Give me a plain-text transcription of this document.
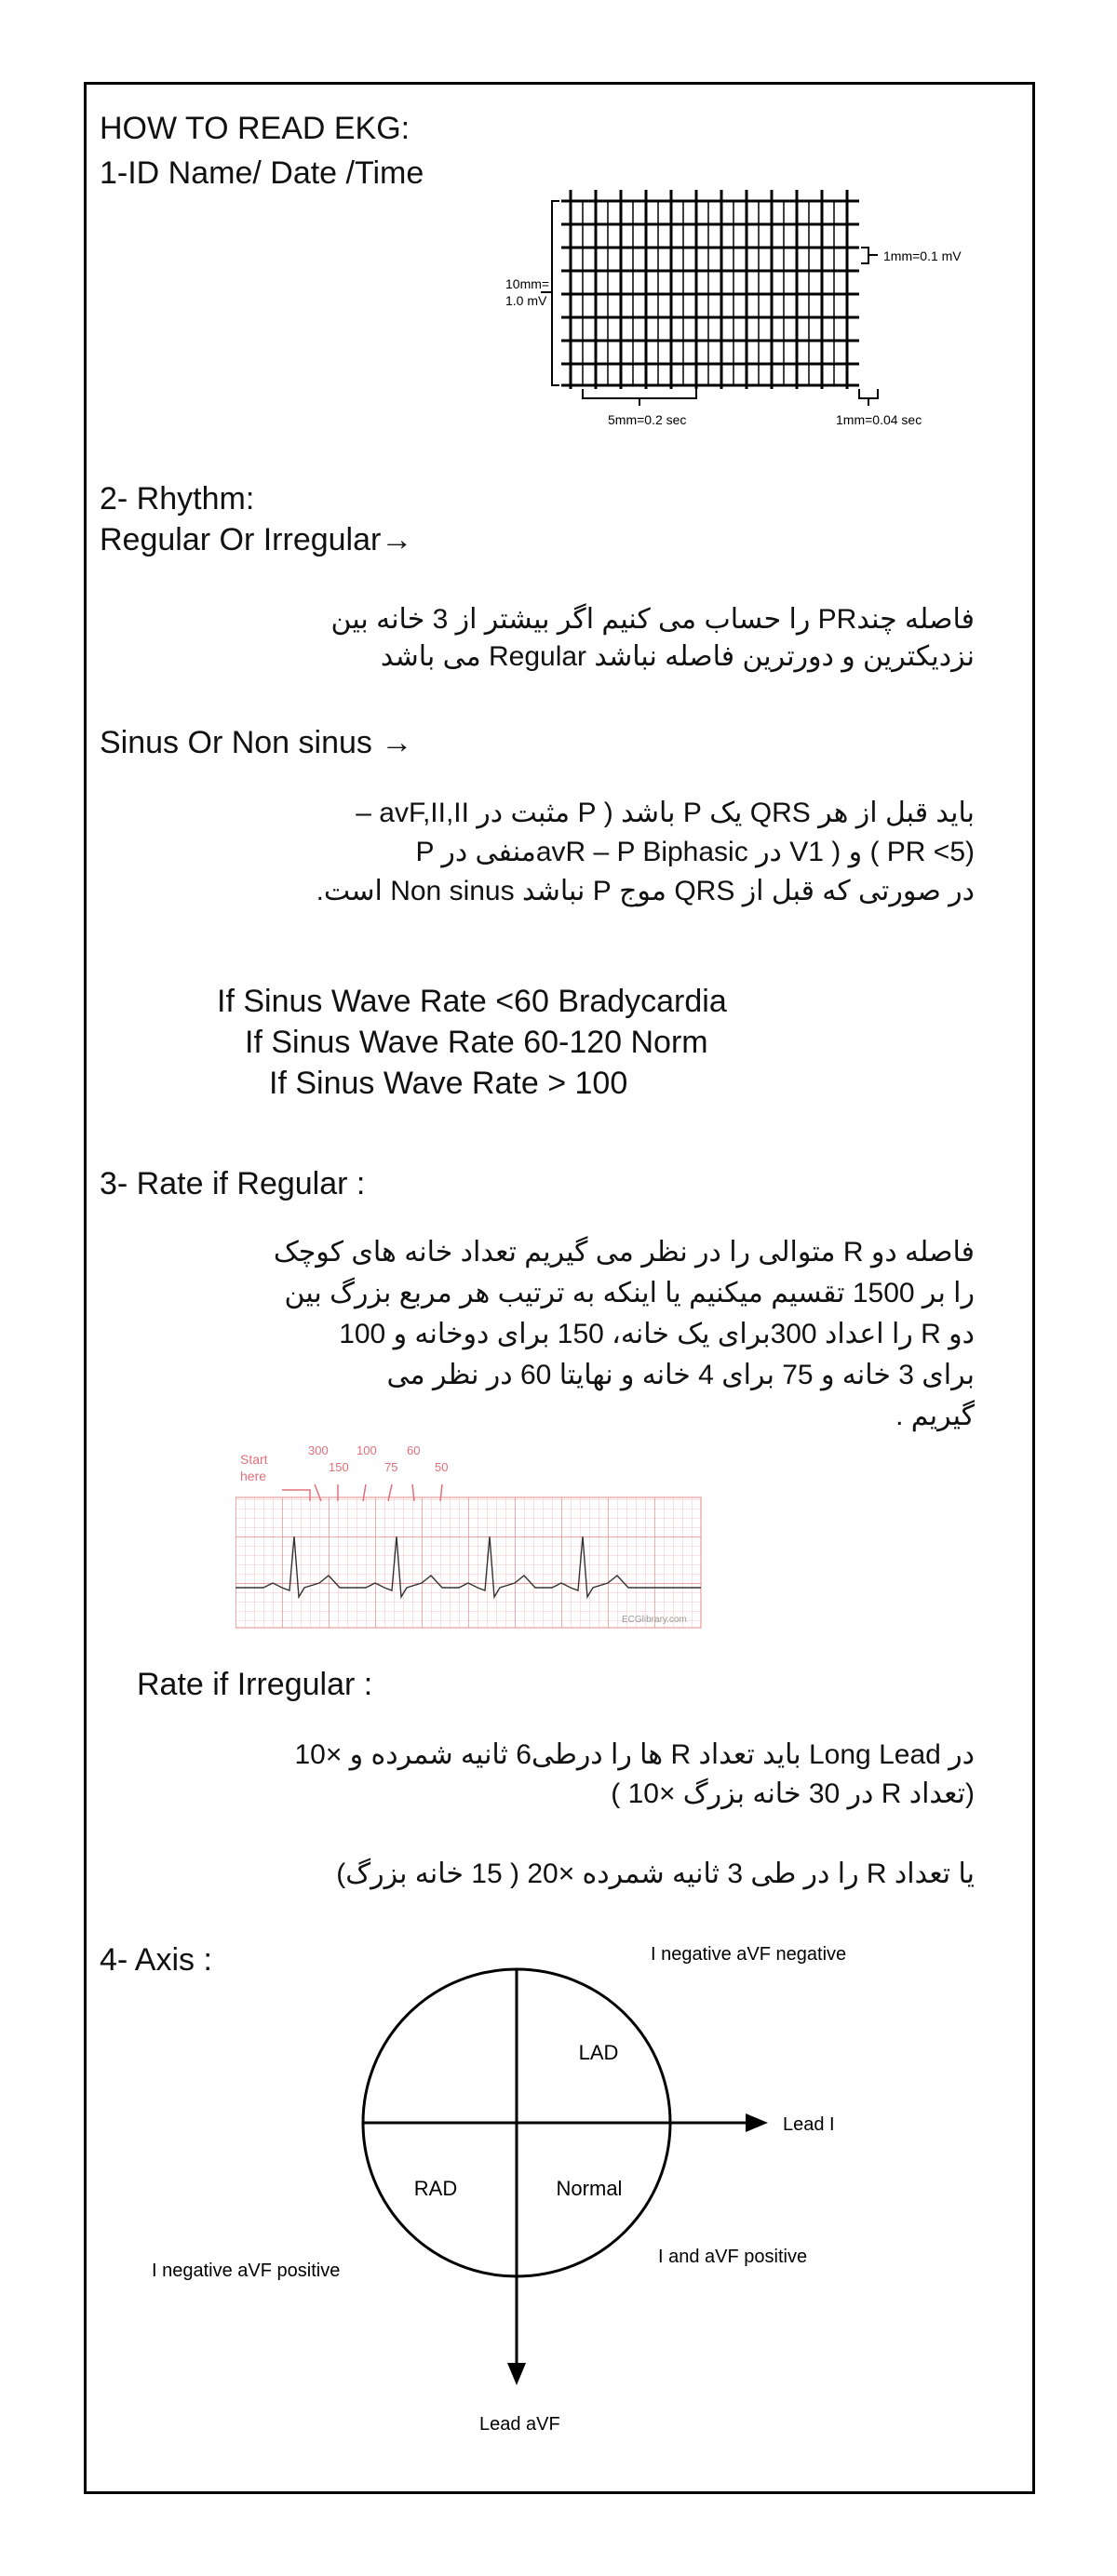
HOW TO READ EKG:
1-ID Name/ Date /Time
10mm=
1.0 mV
1mm=0.1 mV
5mm=0.2 sec	1mm=0.04 sec
2- Rhythm:
Regular Or Irregular→
فاصله چندPR را حساب می کنیم اگر بیشتر از 3 خانه بین
نزدیکترین و دورترین فاصله نباشد Regular می باشد
Sinus Or Non sinus →
باید قبل از هر QRS یک P باشد ( P مثبت در avF,II,II –
P منفی درavR – P Biphasic در V1 ) و ( PR <5)
در صورتی که قبل از QRS موج P نباشد Non sinus است.
If Sinus Wave Rate <60 Bradycardia
If Sinus Wave Rate 60-120 Norm
If Sinus Wave Rate > 100
3- Rate if Regular :
فاصله دو R متوالی را در نظر می گیریم تعداد خانه های کوچک
را بر 1500 تقسیم میکنیم یا اینکه به ترتیب هر مربع بزرگ بین
دو R را اعداد 300برای یک خانه، 150 برای دوخانه و 100
برای 3 خانه و 75 برای 4 خانه و نهایتا 60 در نظر می
گیریم .
Start
here
300
150
100
75
60
50
ECGlibrary.com
Rate if Irregular :
در Long Lead باید تعداد R ها را درطی6 ثانیه شمرده و ×10
(تعداد R در 30 خانه بزرگ ×10 )
یا تعداد R را در طی 3 ثانیه شمرده ×20 ( 15 خانه بزرگ)
4- Axis :
LAD
RAD	Normal
I negative aVF negative
I negative aVF positive
I and aVF positive
Lead I
Lead aVF
